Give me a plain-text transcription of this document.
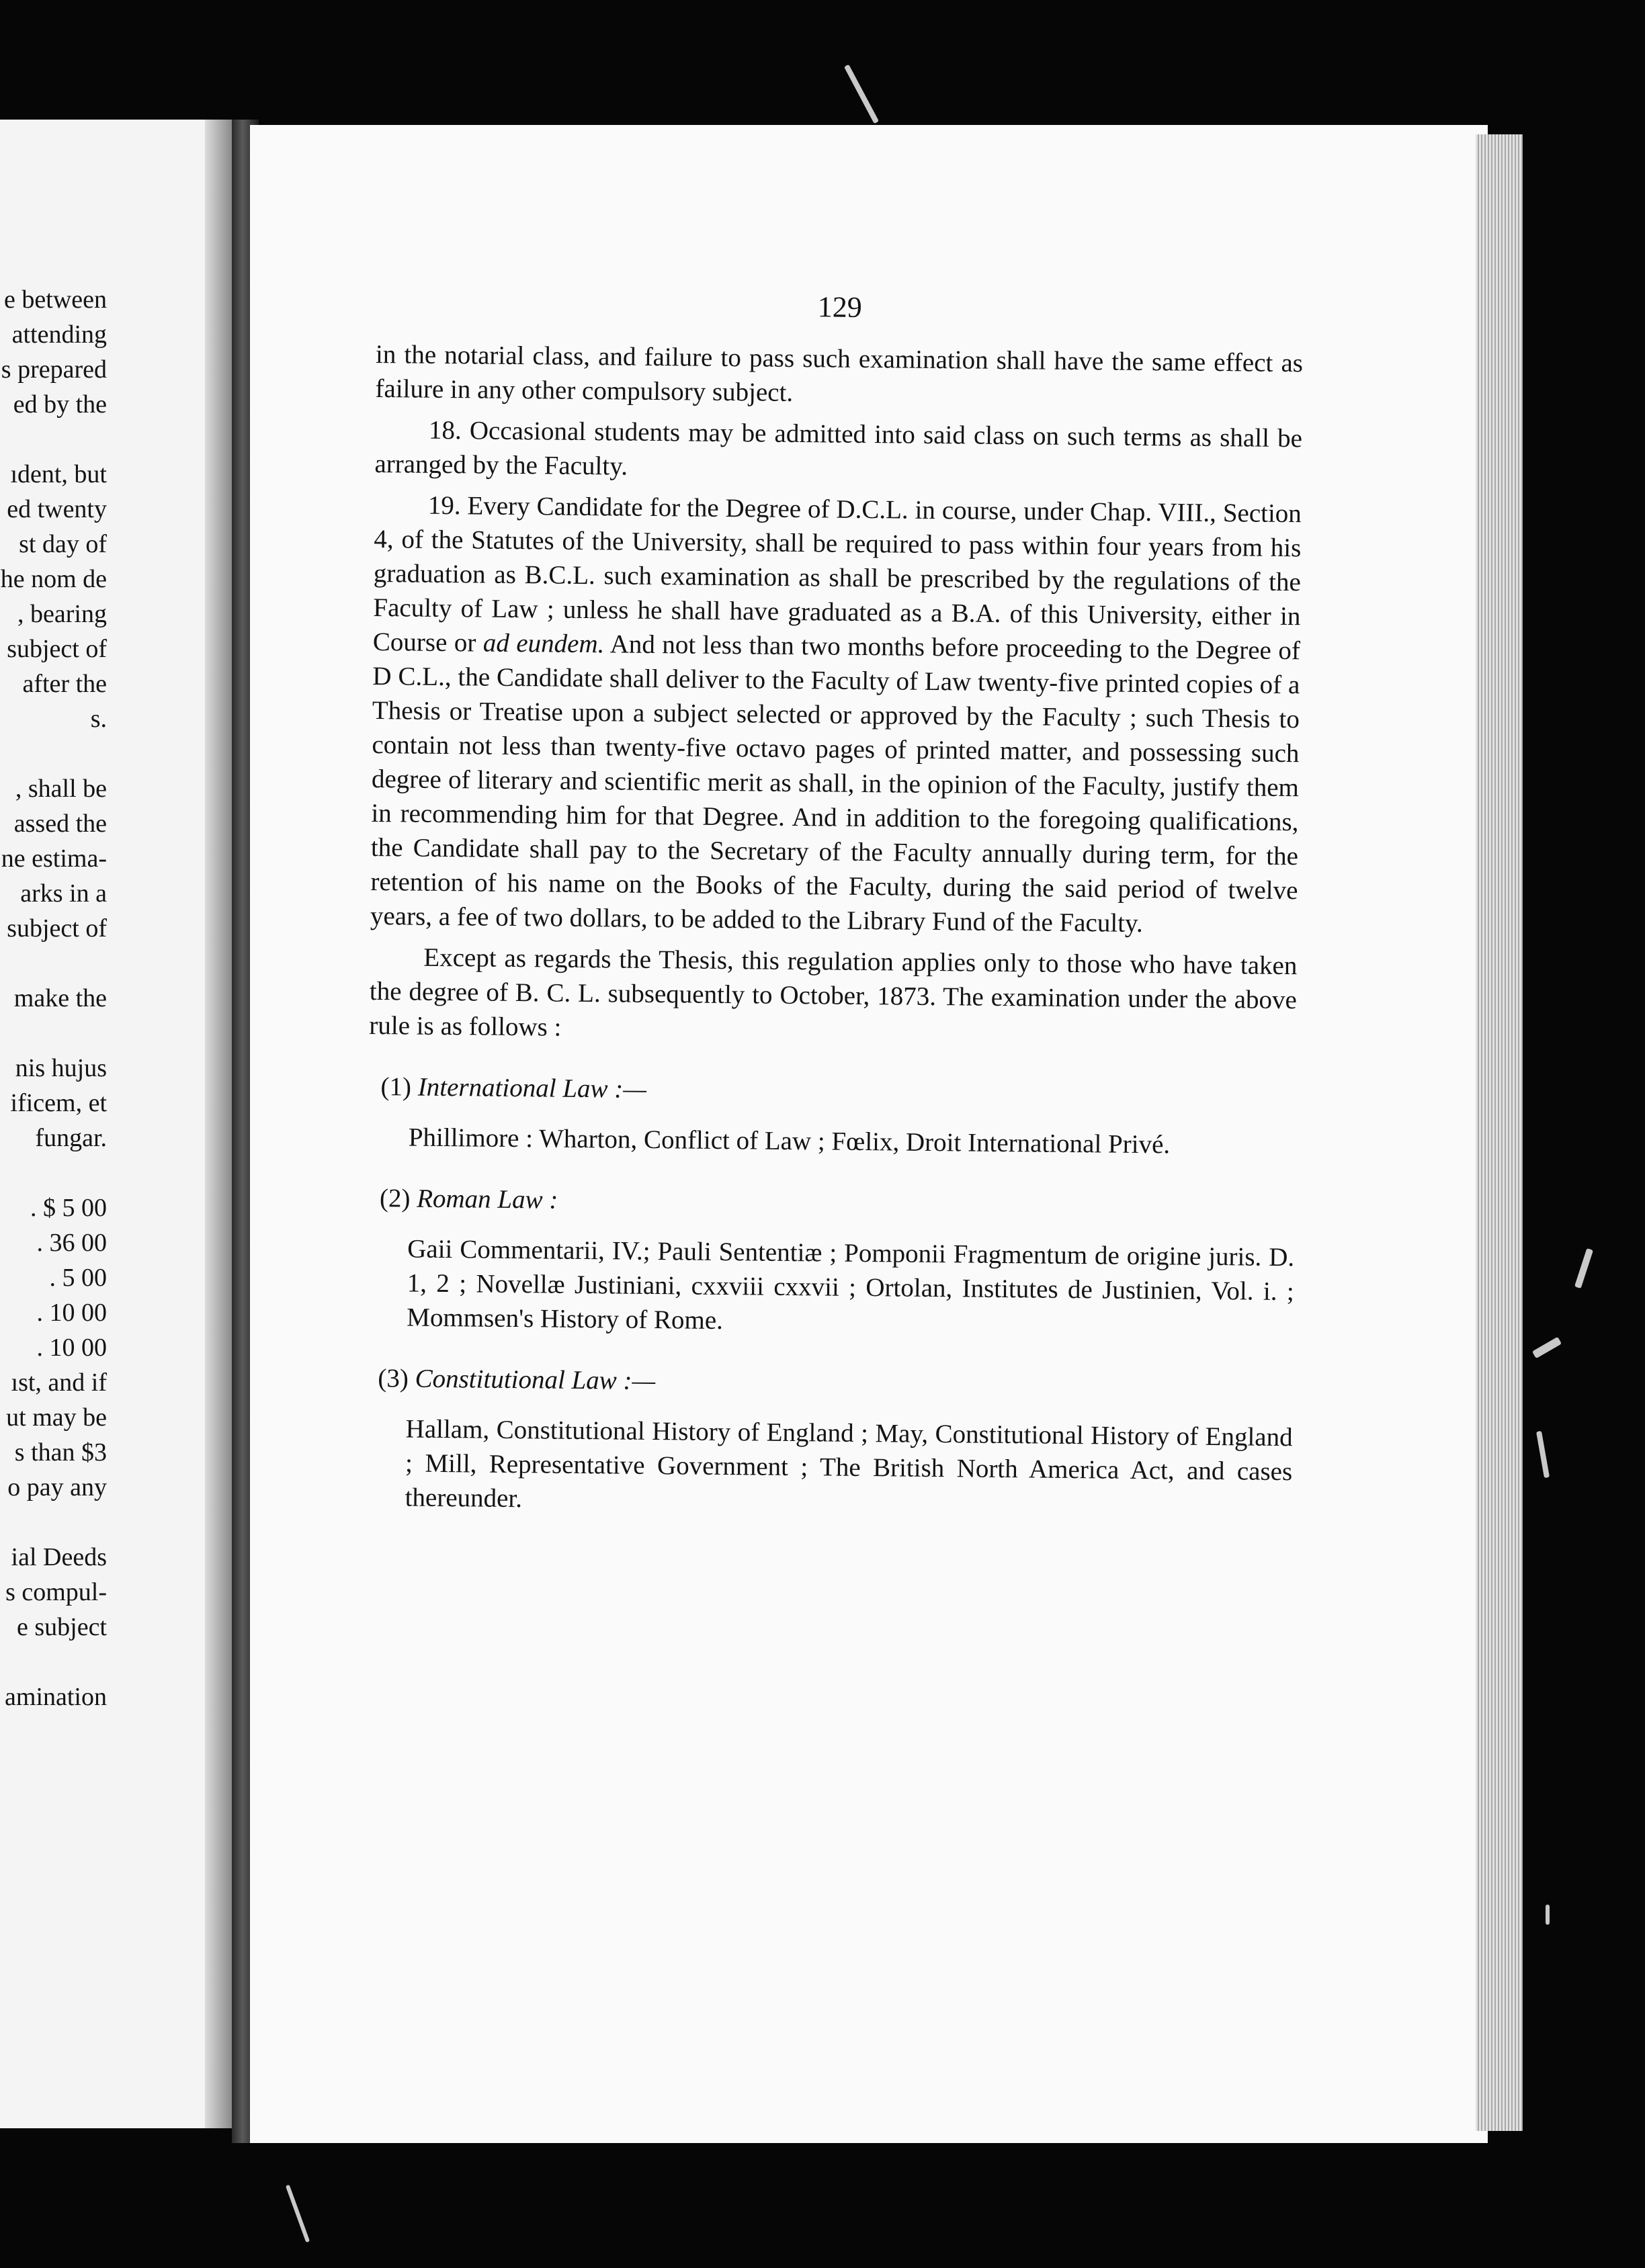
e between
attending
s prepared
ed by the
ıdent, but
ed twenty
st day of
he nom de
, bearing
subject of
after the
s.
, shall be
assed the
ne estima-
arks in a
subject of
make the
nis hujus
ificem, et
fungar.
. $ 5 00
. 36 00
. 5 00
. 10 00
. 10 00
ıst, and if
ut may be
s than $3
o pay any
ial Deeds
s compul-
e subject
amination
129

in the notarial class, and failure to pass such examination shall have the same effect as failure in any other compulsory subject.

18. Occasional students may be admitted into said class on such terms as shall be arranged by the Faculty.

19. Every Candidate for the Degree of D.C.L. in course, under Chap. VIII., Section 4, of the Statutes of the University, shall be required to pass within four years from his graduation as B.C.L. such examination as shall be prescribed by the regulations of the Faculty of Law ; unless he shall have graduated as a B.A. of this University, either in Course or ad eundem. And not less than two months before proceeding to the Degree of D C.L., the Candidate shall deliver to the Faculty of Law twenty-five printed copies of a Thesis or Treatise upon a subject selected or approved by the Faculty ; such Thesis to contain not less than twenty-five octavo pages of printed matter, and possessing such degree of literary and scientific merit as shall, in the opinion of the Faculty, justify them in recommending him for that Degree. And in addition to the foregoing qualifications, the Candidate shall pay to the Secretary of the Faculty annually during term, for the retention of his name on the Books of the Faculty, during the said period of twelve years, a fee of two dollars, to be added to the Library Fund of the Faculty.

Except as regards the Thesis, this regulation applies only to those who have taken the degree of B. C. L. subsequently to October, 1873. The examination under the above rule is as follows :

(1) International Law :—

Phillimore : Wharton, Conflict of Law ; Fœlix, Droit International Privé.

(2) Roman Law :

Gaii Commentarii, IV.; Pauli Sententiæ ; Pomponii Fragmentum de origine juris. D. 1, 2 ; Novellæ Justiniani, cxxviii cxxvii ; Ortolan, Institutes de Justinien, Vol. i. ; Mommsen's History of Rome.

(3) Constitutional Law :—

Hallam, Constitutional History of England ; May, Constitutional History of England ; Mill, Representative Government ; The British North America Act, and cases thereunder.
